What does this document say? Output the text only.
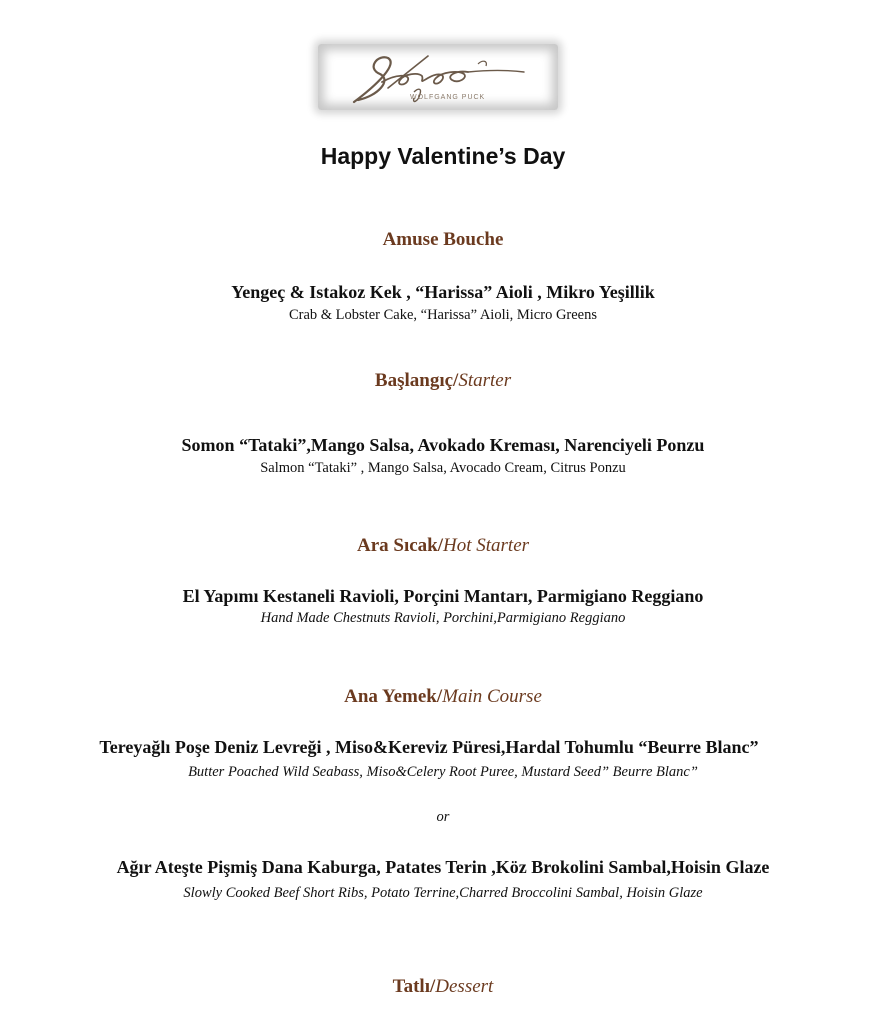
WOLFGANG PUCK
Happy Valentine’s Day
Amuse Bouche
Yengeç & Istakoz Kek , “Harissa” Aioli , Mikro Yeşillik
Crab & Lobster Cake, “Harissa” Aioli, Micro Greens
Başlangıç/Starter
Somon “Tataki”,Mango Salsa, Avokado Kreması, Narenciyeli Ponzu
Salmon “Tataki” , Mango Salsa, Avocado Cream, Citrus Ponzu
Ara Sıcak/Hot Starter
El Yapımı Kestaneli Ravioli, Porçini Mantarı, Parmigiano Reggiano
Hand Made Chestnuts Ravioli, Porchini,Parmigiano Reggiano
Ana Yemek/Main Course
Tereyağlı Poşe Deniz Levreği , Miso&Kereviz Püresi,Hardal Tohumlu “Beurre Blanc”
Butter Poached Wild Seabass, Miso&Celery Root Puree, Mustard Seed” Beurre Blanc”
or
Ağır Ateşte Pişmiş Dana Kaburga, Patates Terin ,Köz Brokolini Sambal,Hoisin Glaze
Slowly Cooked Beef Short Ribs, Potato Terrine,Charred Broccolini Sambal, Hoisin Glaze
Tatlı/Dessert
